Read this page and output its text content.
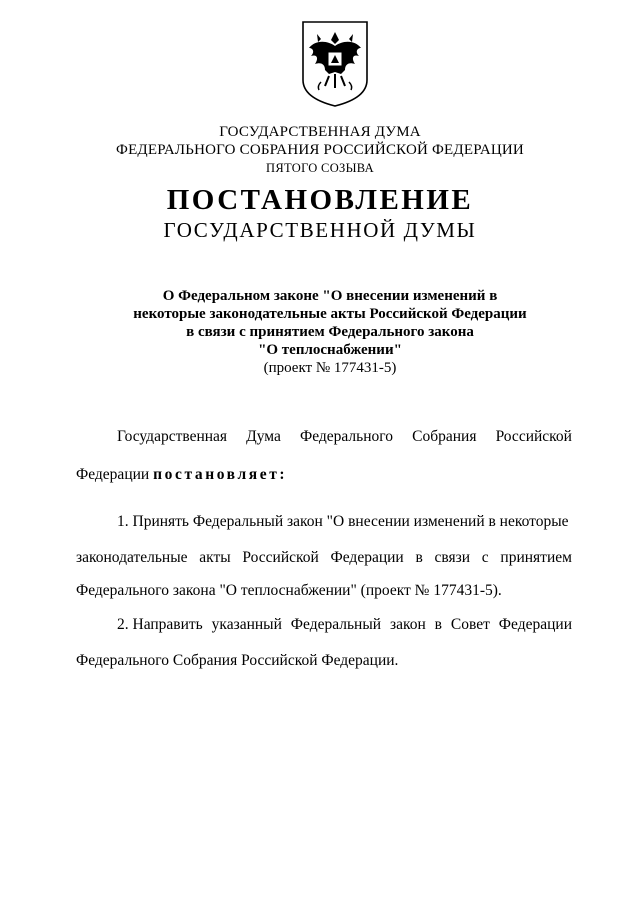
ГОСУДАРСТВЕННАЯ ДУМА
ФЕДЕРАЛЬНОГО СОБРАНИЯ РОССИЙСКОЙ ФЕДЕРАЦИИ
ПЯТОГО СОЗЫВА
ПОСТАНОВЛЕНИЕ
ГОСУДАРСТВЕННОЙ ДУМЫ
О Федеральном законе "О внесении изменений в
некоторые законодательные акты Российской Федерации
в связи с принятием Федерального закона
"О теплоснабжении"
(проект № 177431-5)
Государственная Дума Федерального Собрания Российской
Федерации постановляет:
1. Принять Федеральный закон "О внесении изменений в некоторые
законодательные акты Российской Федерации в связи с принятием
Федерального закона "О теплоснабжении" (проект № 177431-5).
2. Направить указанный Федеральный закон в Совет Федерации
Федерального Собрания Российской Федерации.
